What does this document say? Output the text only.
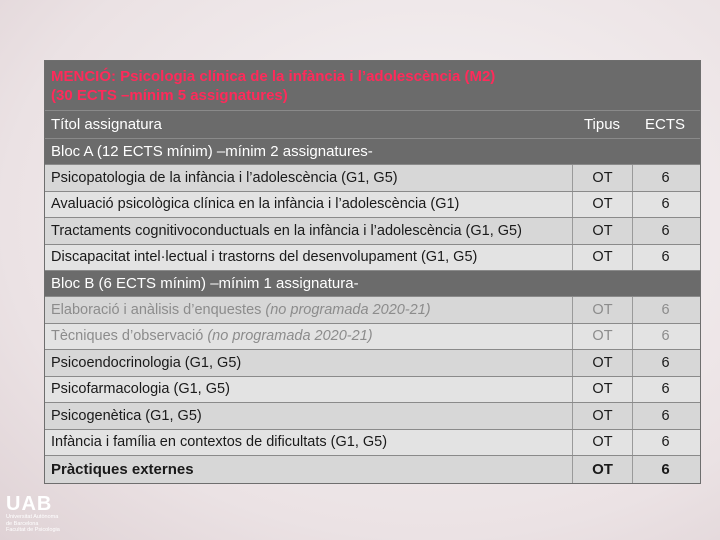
MENCIÓ: Psicologia clínica de la infància i l’adolescència (M2)
(30 ECTS –mínim 5 assignatures)
Títol assignatura	Tipus	ECTS
Bloc A (12 ECTS mínim) –mínim 2 assignatures-
Psicopatologia de la infància i l’adolescència (G1, G5)	OT	6
Avaluació psicològica clínica en la infància i l’adolescència (G1)	OT	6
Tractaments cognitivoconductuals en la infància i l’adolescència (G1, G5)	OT	6
Discapacitat intel·lectual i trastorns del desenvolupament (G1, G5)	OT	6
Bloc B (6 ECTS mínim) –mínim 1 assignatura-
Elaboració i anàlisis d’enquestes (no programada 2020-21)	OT	6
Tècniques d’observació (no programada 2020-21)	OT	6
Psicoendocrinologia (G1, G5)	OT	6
Psicofarmacologia (G1, G5)	OT	6
Psicogenètica (G1, G5)	OT	6
Infància i família en contextos de dificultats (G1, G5)	OT	6
Pràctiques externes	OT	6
UAB
Universitat Autònoma
de Barcelona
Facultat de Psicologia
